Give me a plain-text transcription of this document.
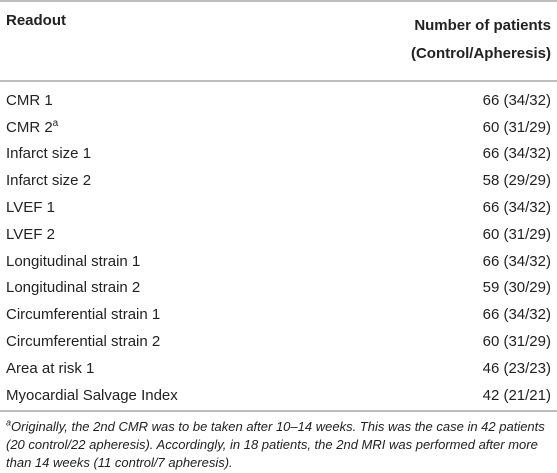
Readout	Number of patients
(Control/Apheresis)
CMR 1	66 (34/32)
CMR 2$^a$	60 (31/29)
Infarct size 1	66 (34/32)
Infarct size 2	58 (29/29)
LVEF 1	66 (34/32)
LVEF 2	60 (31/29)
Longitudinal strain 1	66 (34/32)
Longitudinal strain 2	59 (30/29)
Circumferential strain 1	66 (34/32)
Circumferential strain 2	60 (31/29)
Area at risk 1	46 (23/23)
Myocardial Salvage Index	42 (21/21)
$^a$Originally, the 2nd CMR was to be taken after 10–14 weeks. This was the case in 42 patients (20 control/22 apheresis). Accordingly, in 18 patients, the 2nd MRI was performed after more than 14 weeks (11 control/7 apheresis).
